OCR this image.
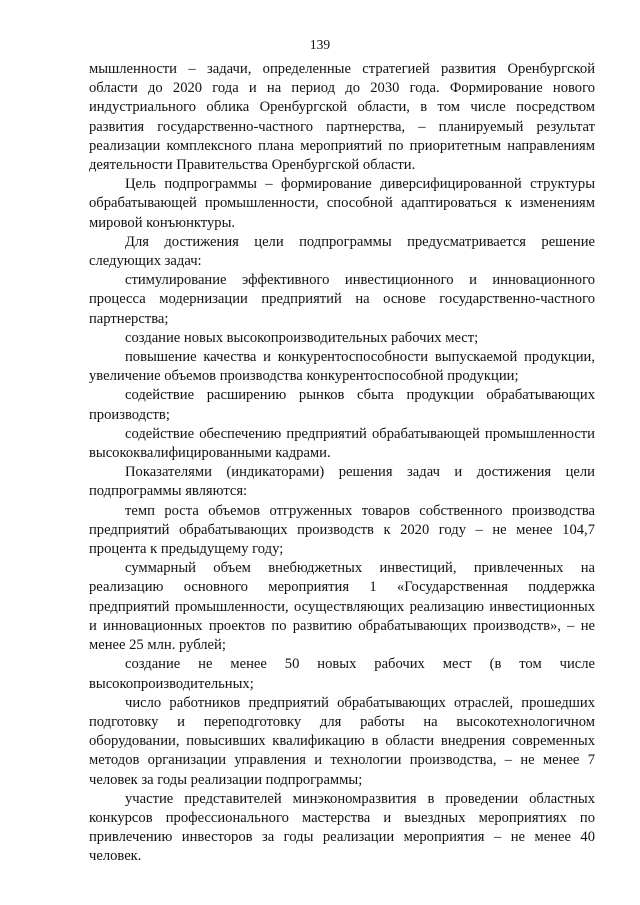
139

мышленности – задачи, определенные стратегией развития Оренбургской области до 2020 года и на период до 2030 года. Формирование нового индустриального облика Оренбургской области, в том числе посредством развития государственно-частного партнерства, – планируемый результат реализации комплексного плана мероприятий по приоритетным направлениям деятельности Правительства Оренбургской области.

Цель подпрограммы – формирование диверсифицированной структуры обрабатывающей промышленности, способной адаптироваться к изменениям мировой конъюнктуры.

Для достижения цели подпрограммы предусматривается решение следующих задач:

стимулирование эффективного инвестиционного и инновационного процесса модернизации предприятий на основе государственно-частного партнерства;

создание новых высокопроизводительных рабочих мест;

повышение качества и конкурентоспособности выпускаемой продукции, увеличение объемов производства конкурентоспособной продукции;

содействие расширению рынков сбыта продукции обрабатывающих производств;

содействие обеспечению предприятий обрабатывающей промышленности высококвалифицированными кадрами.

Показателями (индикаторами) решения задач и достижения цели подпрограммы являются:

темп роста объемов отгруженных товаров собственного производства предприятий обрабатывающих производств к 2020 году – не менее 104,7 процента к предыдущему году;

суммарный объем внебюджетных инвестиций, привлеченных на реализацию основного мероприятия 1 «Государственная поддержка предприятий промышленности, осуществляющих реализацию инвестиционных и инновационных проектов по развитию обрабатывающих производств», – не менее 25 млн. рублей;

создание не менее 50 новых рабочих мест (в том числе высокопроизводительных;

число работников предприятий обрабатывающих отраслей, прошедших подготовку и переподготовку для работы на высокотехнологичном оборудовании, повысивших квалификацию в области внедрения современных методов организации управления и технологии производства, – не менее 7 человек за годы реализации подпрограммы;

участие представителей минэкономразвития в проведении областных конкурсов профессионального мастерства и выездных мероприятиях по привлечению инвесторов за годы реализации мероприятия – не менее 40 человек.
